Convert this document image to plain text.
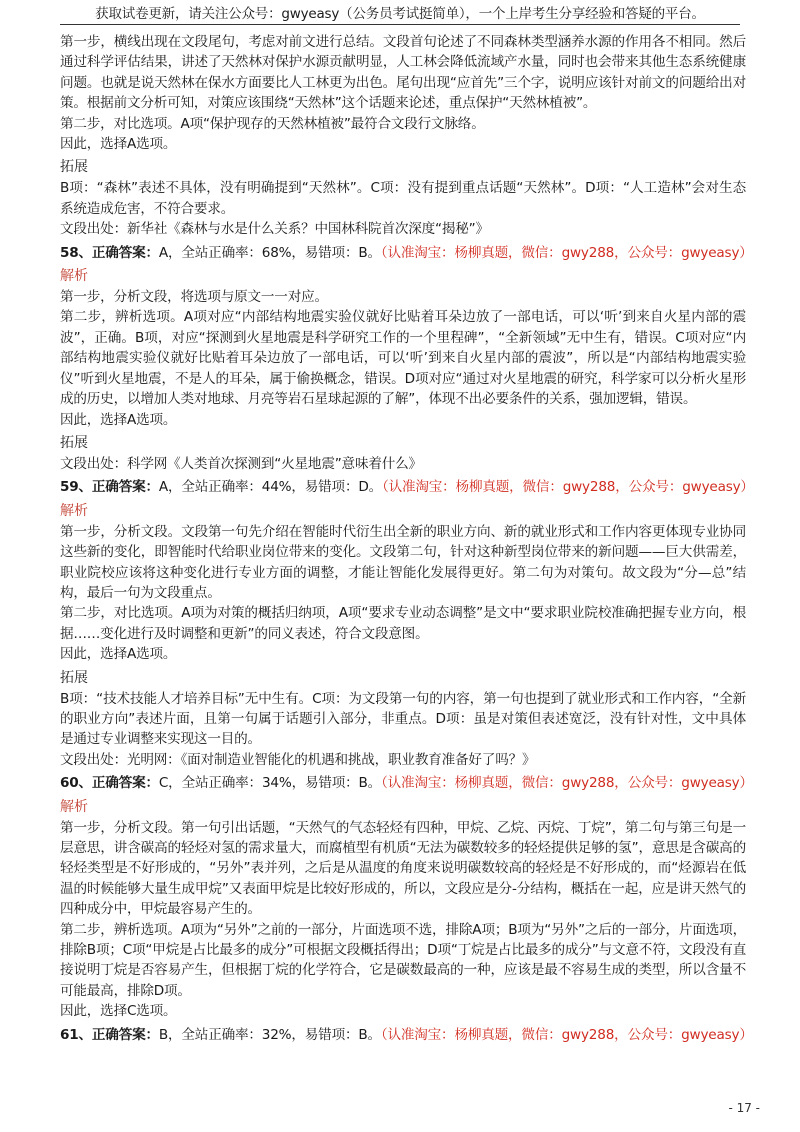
获取试卷更新，请关注公众号：gwyeasy（公务员考试挺简单），一个上岸考生分享经验和答疑的平台。

第一步，横线出现在文段尾句，考虑对前文进行总结。文段首句论述了不同森林类型涵养水源的作用各不相同。然后通过科学评估结果，讲述了天然林对保护水源贡献明显，人工林会降低流域产水量，同时也会带来其他生态系统健康问题。也就是说天然林在保水方面要比人工林更为出色。尾句出现“应首先”三个字，说明应该针对前文的问题给出对策。根据前文分析可知，对策应该围绕“天然林”这个话题来论述，重点保护“天然林植被”。

第二步，对比选项。A项“保护现存的天然林植被”最符合文段行文脉络。

因此，选择A选项。

拓展

B项：“森林”表述不具体，没有明确提到“天然林”。C项：没有提到重点话题“天然林”。D项：“人工造林”会对生态系统造成危害，不符合要求。

文段出处：新华社《森林与水是什么关系？中国林科院首次深度“揭秘”》

58、正确答案：A，全站正确率：68%，易错项：B。（认准淘宝：杨柳真题，微信：gwy288，公众号：gwyeasy）

解析

第一步，分析文段，将选项与原文一一对应。

第二步，辨析选项。A项对应“内部结构地震实验仪就好比贴着耳朵边放了一部电话，可以‘听’到来自火星内部的震波”，正确。B项，对应“探测到火星地震是科学研究工作的一个里程碑”，“全新领域”无中生有，错误。C项对应“内部结构地震实验仪就好比贴着耳朵边放了一部电话，可以‘听’到来自火星内部的震波”，所以是“内部结构地震实验仪”听到火星地震，不是人的耳朵，属于偷换概念，错误。D项对应“通过对火星地震的研究，科学家可以分析火星形成的历史，以增加人类对地球、月亮等岩石星球起源的了解”，体现不出必要条件的关系，强加逻辑，错误。

因此，选择A选项。

拓展

文段出处：科学网《人类首次探测到“火星地震”意味着什么》

59、正确答案：A，全站正确率：44%，易错项：D。（认准淘宝：杨柳真题，微信：gwy288，公众号：gwyeasy）

解析

第一步，分析文段。文段第一句先介绍在智能时代衍生出全新的职业方向、新的就业形式和工作内容更体现专业协同这些新的变化，即智能时代给职业岗位带来的变化。文段第二句，针对这种新型岗位带来的新问题——巨大供需差，职业院校应该将这种变化进行专业方面的调整，才能让智能化发展得更好。第二句为对策句。故文段为“分—总”结构，最后一句为文段重点。

第二步，对比选项。A项为对策的概括归纳项，A项“要求专业动态调整”是文中“要求职业院校准确把握专业方向，根据……变化进行及时调整和更新”的同义表述，符合文段意图。

因此，选择A选项。

拓展

B项：“技术技能人才培养目标”无中生有。C项：为文段第一句的内容，第一句也提到了就业形式和工作内容，“全新的职业方向”表述片面，且第一句属于话题引入部分，非重点。D项：虽是对策但表述宽泛，没有针对性，文中具体是通过专业调整来实现这一目的。

文段出处：光明网：《面对制造业智能化的机遇和挑战，职业教育准备好了吗？》

60、正确答案：C，全站正确率：34%，易错项：B。（认准淘宝：杨柳真题，微信：gwy288，公众号：gwyeasy）

解析

第一步，分析文段。第一句引出话题，“天然气的气态轻烃有四种，甲烷、乙烷、丙烷、丁烷”，第二句与第三句是一层意思，讲含碳高的轻烃对氢的需求量大，而腐植型有机质“无法为碳数较多的轻烃提供足够的氢”，意思是含碳高的轻烃类型是不好形成的，“另外”表并列，之后是从温度的角度来说明碳数较高的轻烃是不好形成的，而“烃源岩在低温的时候能够大量生成甲烷”又表面甲烷是比较好形成的，所以，文段应是分-分结构，概括在一起，应是讲天然气的四种成分中，甲烷最容易产生的。

第二步，辨析选项。A项为“另外”之前的一部分，片面选项不选，排除A项；B项为“另外”之后的一部分，片面选项，排除B项；C项“甲烷是占比最多的成分”可根据文段概括得出；D项“丁烷是占比最多的成分”与文意不符，文段没有直接说明丁烷是否容易产生，但根据丁烷的化学符合，它是碳数最高的一种，应该是最不容易生成的类型，所以含量不可能最高，排除D项。

因此，选择C选项。

61、正确答案：B，全站正确率：32%，易错项：B。（认准淘宝：杨柳真题，微信：gwy288，公众号：gwyeasy）

- 17 -
